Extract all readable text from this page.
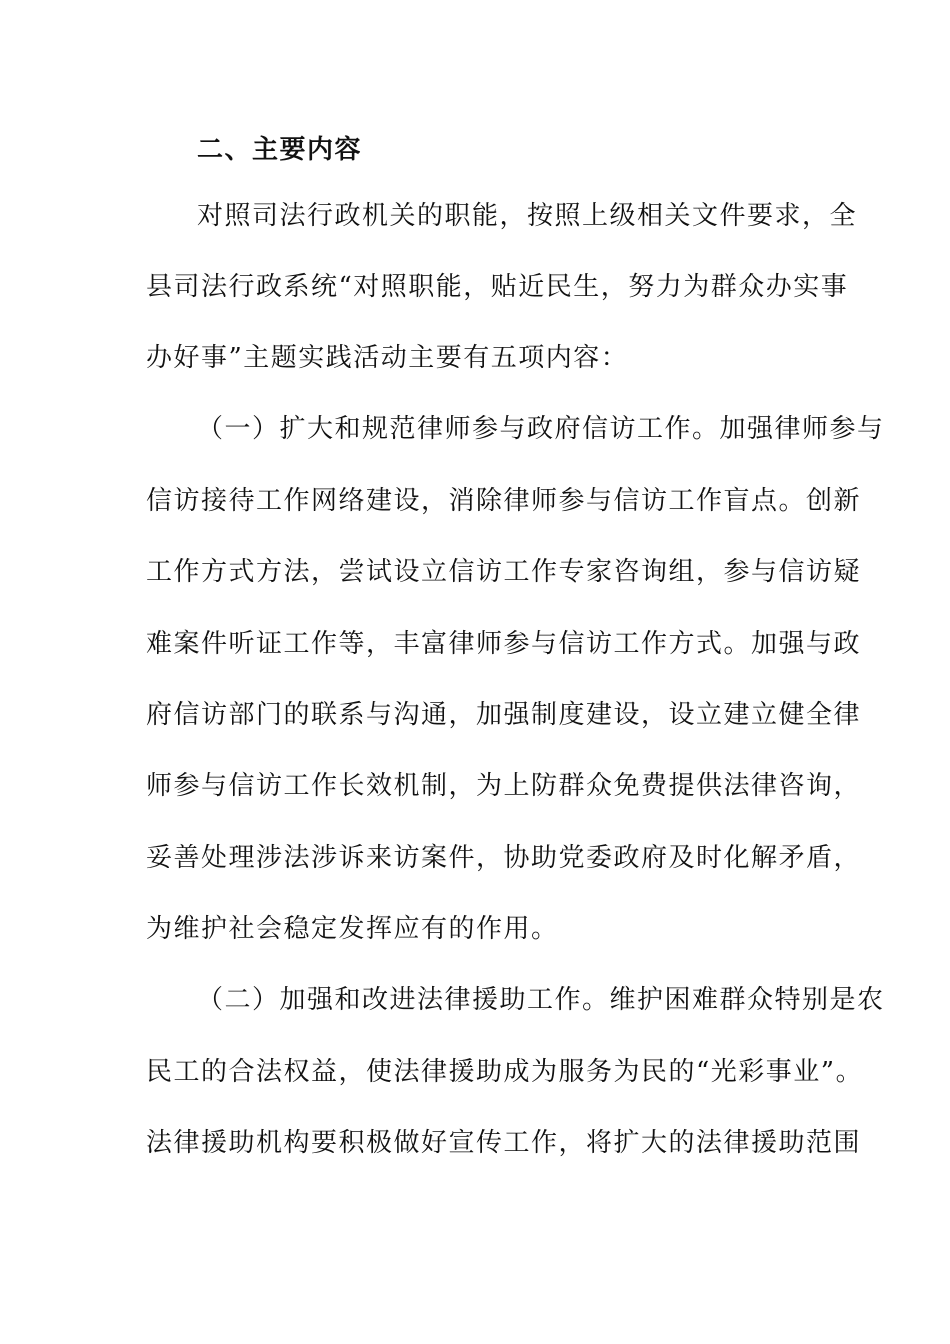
二、主要内容
对照司法行政机关的职能，按照上级相关文件要求，全
县司法行政系统“对照职能，贴近民生，努力为群众办实事
办好事”主题实践活动主要有五项内容：
（一）扩大和规范律师参与政府信访工作。加强律师参与
信访接待工作网络建设，消除律师参与信访工作盲点。创新
工作方式方法，尝试设立信访工作专家咨询组，参与信访疑
难案件听证工作等，丰富律师参与信访工作方式。加强与政
府信访部门的联系与沟通，加强制度建设，设立建立健全律
师参与信访工作长效机制，为上防群众免费提供法律咨询，
妥善处理涉法涉诉来访案件，协助党委政府及时化解矛盾，
为维护社会稳定发挥应有的作用。
（二）加强和改进法律援助工作。维护困难群众特别是农
民工的合法权益，使法律援助成为服务为民的“光彩事业”。
法律援助机构要积极做好宣传工作，将扩大的法律援助范围
